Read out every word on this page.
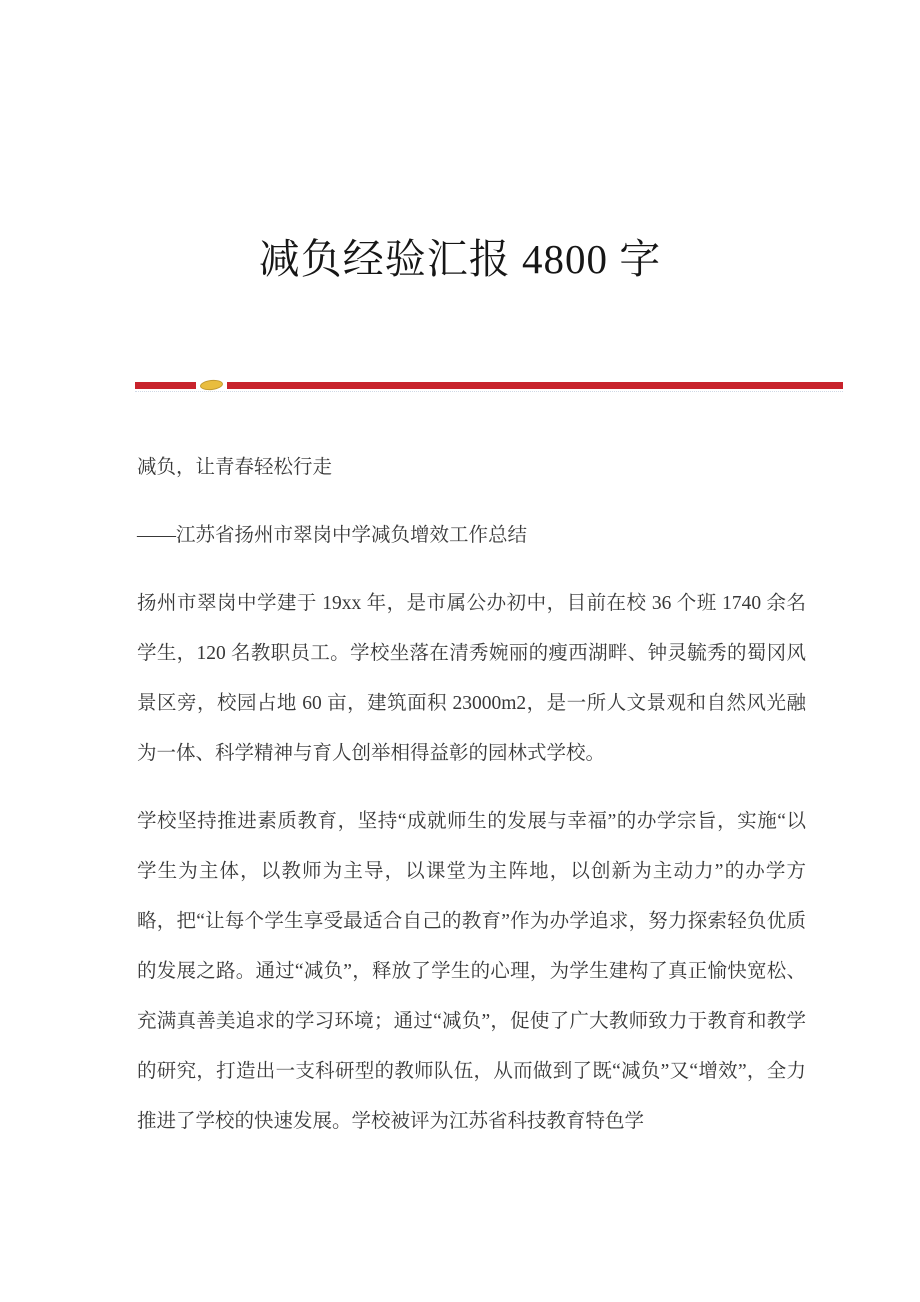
减负经验汇报 4800 字

减负，让青春轻松行走

——江苏省扬州市翠岗中学减负增效工作总结

扬州市翠岗中学建于 19xx 年，是市属公办初中，目前在校 36 个班 1740 余名学生，120 名教职员工。学校坐落在清秀婉丽的瘦西湖畔、钟灵毓秀的蜀冈风景区旁，校园占地 60 亩，建筑面积 23000m2，是一所人文景观和自然风光融为一体、科学精神与育人创举相得益彰的园林式学校。

学校坚持推进素质教育，坚持“成就师生的发展与幸福”的办学宗旨，实施“以学生为主体，以教师为主导，以课堂为主阵地，以创新为主动力”的办学方略，把“让每个学生享受最适合自己的教育”作为办学追求，努力探索轻负优质的发展之路。通过“减负”，释放了学生的心理，为学生建构了真正愉快宽松、充满真善美追求的学习环境；通过“减负”，促使了广大教师致力于教育和教学的研究，打造出一支科研型的教师队伍，从而做到了既“减负”又“增效”，全力推进了学校的快速发展。学校被评为江苏省科技教育特色学
